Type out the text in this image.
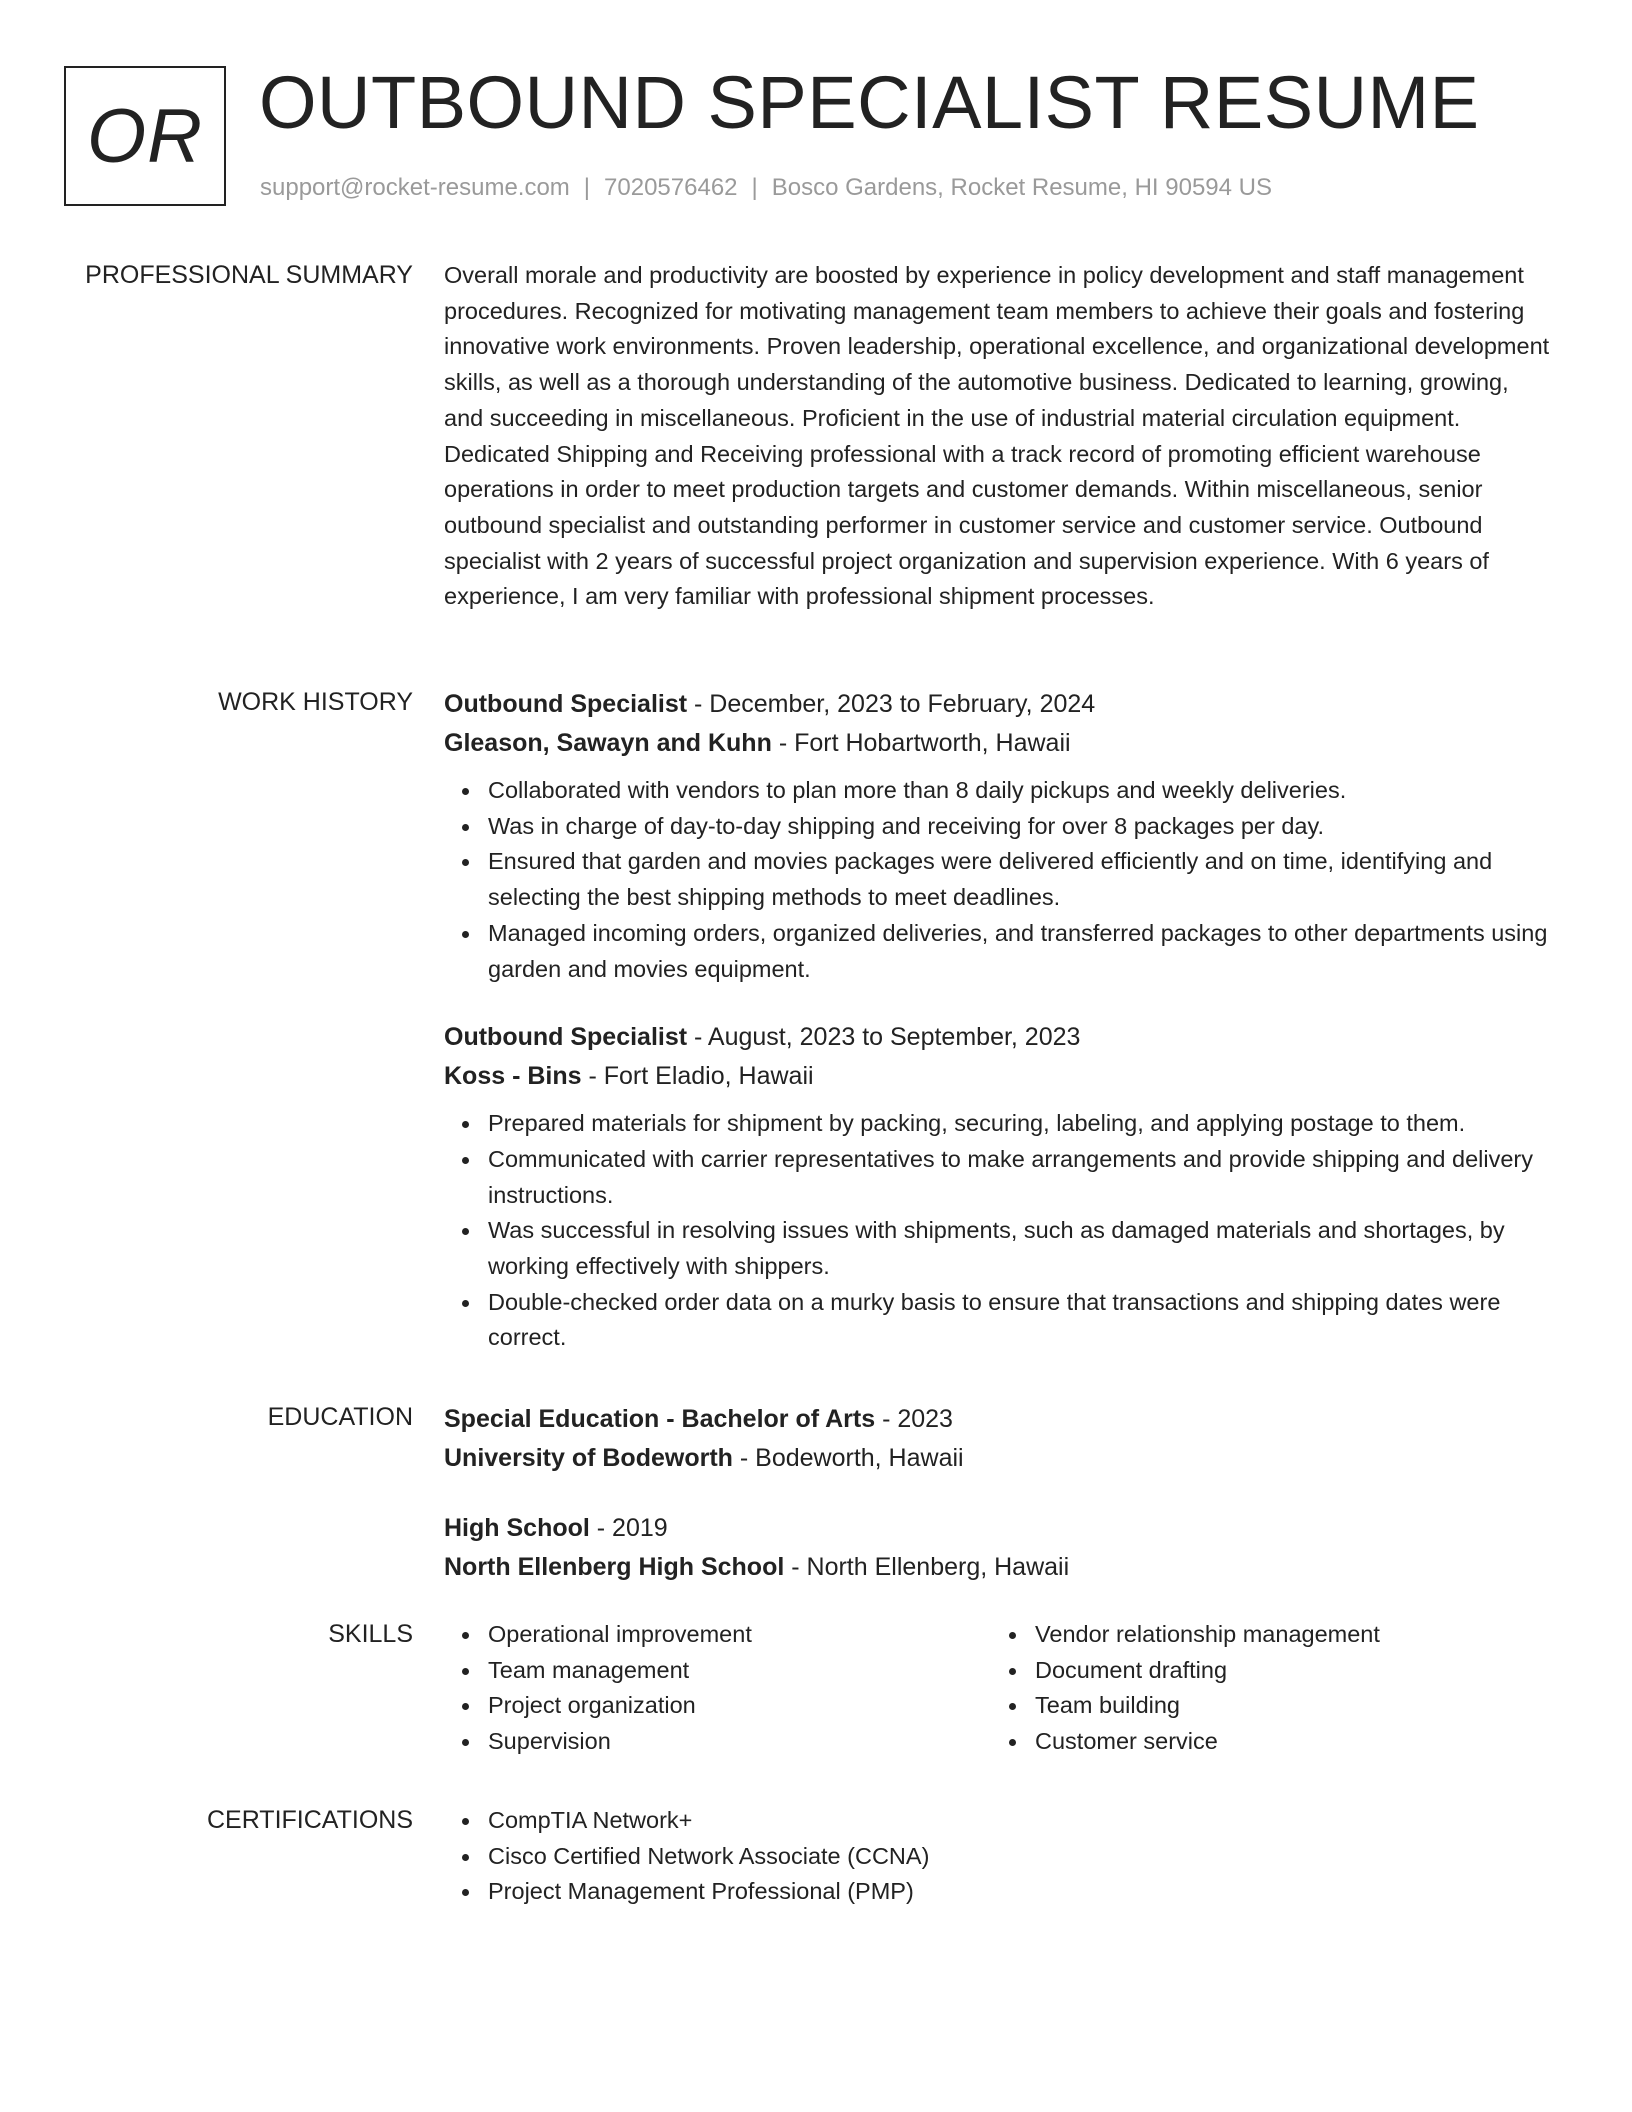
OR OUTBOUND SPECIALIST RESUME
support@rocket-resume.com | 7020576462 | Bosco Gardens, Rocket Resume, HI 90594 US
PROFESSIONAL SUMMARY Overall morale and productivity are boosted by experience in policy development and staff management procedures. Recognized for motivating management team members to achieve their goals and fostering innovative work environments. Proven leadership, operational excellence, and organizational development skills, as well as a thorough understanding of the automotive business. Dedicated to learning, growing, and succeeding in miscellaneous. Proficient in the use of industrial material circulation equipment. Dedicated Shipping and Receiving professional with a track record of promoting efficient warehouse operations in order to meet production targets and customer demands. Within miscellaneous, senior outbound specialist and outstanding performer in customer service and customer service. Outbound specialist with 2 years of successful project organization and supervision experience. With 6 years of experience, I am very familiar with professional shipment processes.

WORK HISTORY Outbound Specialist - December, 2023 to February, 2024
Gleason, Sawayn and Kuhn - Fort Hobartworth, Hawaii
Collaborated with vendors to plan more than 8 daily pickups and weekly deliveries.
Was in charge of day-to-day shipping and receiving for over 8 packages per day.
Ensured that garden and movies packages were delivered efficiently and on time, identifying and selecting the best shipping methods to meet deadlines.
Managed incoming orders, organized deliveries, and transferred packages to other departments using garden and movies equipment.
Outbound Specialist - August, 2023 to September, 2023
Koss - Bins - Fort Eladio, Hawaii
Prepared materials for shipment by packing, securing, labeling, and applying postage to them.
Communicated with carrier representatives to make arrangements and provide shipping and delivery instructions.
Was successful in resolving issues with shipments, such as damaged materials and shortages, by working effectively with shippers.
Double-checked order data on a murky basis to ensure that transactions and shipping dates were correct.
EDUCATION Special Education - Bachelor of Arts - 2023
University of Bodeworth - Bodeworth, Hawaii
High School - 2019
North Ellenberg High School - North Ellenberg, Hawaii
SKILLS	Operational improvement
Team management
Project organization
Supervision
Vendor relationship management
Document drafting
Team building
Customer service
CERTIFICATIONS	CompTIA Network+
Cisco Certified Network Associate (CCNA)
Project Management Professional (PMP)
